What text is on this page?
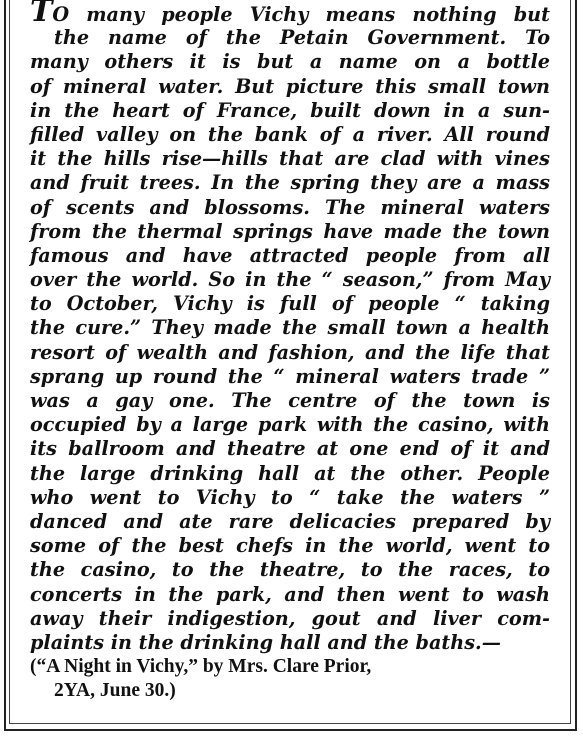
TO many people Vichy means nothing but
the name of the Petain Government. To
many others it is but a name on a bottle
of mineral water. But picture this small town
in the heart of France, built down in a sun-
filled valley on the bank of a river. All round
it the hills rise—hills that are clad with vines
and fruit trees. In the spring they are a mass
of scents and blossoms. The mineral waters
from the thermal springs have made the town
famous and have attracted people from all
over the world. So in the “ season,” from May
to October, Vichy is full of people “ taking
the cure.” They made the small town a health
resort of wealth and fashion, and the life that
sprang up round the “ mineral waters trade ”
was a gay one. The centre of the town is
occupied by a large park with the casino, with
its ballroom and theatre at one end of it and
the large drinking hall at the other. People
who went to Vichy to “ take the waters ”
danced and ate rare delicacies prepared by
some of the best chefs in the world, went to
the casino, to the theatre, to the races, to
concerts in the park, and then went to wash
away their indigestion, gout and liver com-
plaints in the drinking hall and the baths.—
(“A Night in Vichy,” by Mrs. Clare Prior,
2YA, June 30.)
